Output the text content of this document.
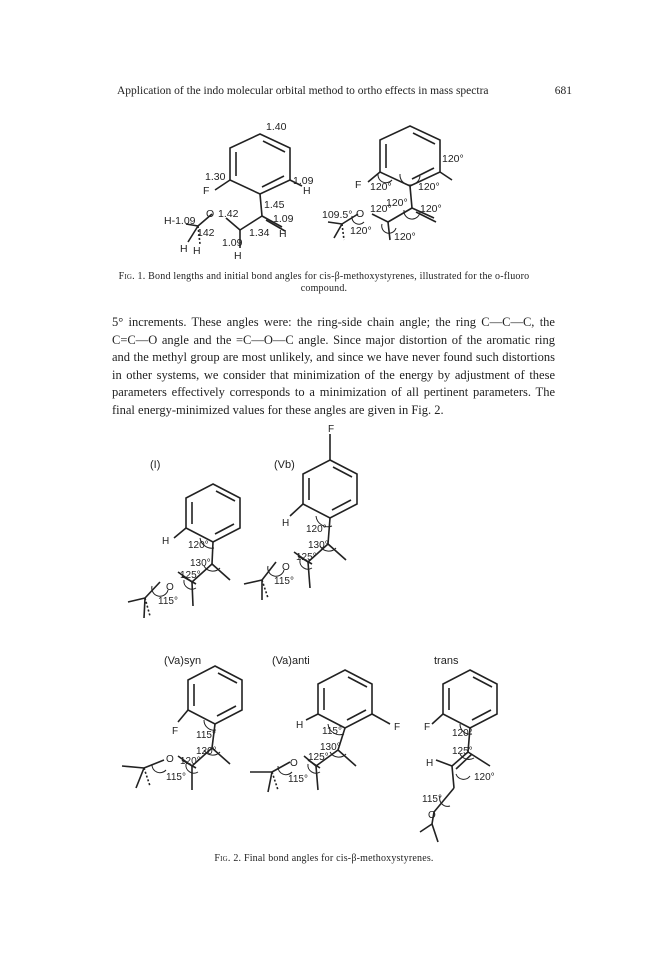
Application of the indo molecular orbital method to ortho effects in mass spectra	681
1.40
1.30
F
1.09
H
1.45
1.42
O
142
1.09
1.34 H
H-1.09
1.09
H
H H
120°
F 120°	120°
120°
109.5° O 120°
120°
120° 120°
Fig. 1. Bond lengths and initial bond angles for cis-β-methoxystyrenes, illustrated for the o-fluoro compound.
5° increments. These angles were: the ring-side chain angle; the ring C—C—C, the C=C—O angle and the =C—O—C angle. Since major distortion of the aromatic ring and the methyl group are most unlikely, and since we have never found such distortions in other systems, we consider that minimization of the energy by adjustment of these parameters effectively corresponds to a minimization of all pertinent parameters. The final energy-minimized values for these angles are given in Fig. 2.
(I)
H 120°
130°
125°
O
115°
F
(Vb)
H
120°
130°
125°
O
115°
(Va)syn
F 115°
120°
120°
O
115°
(Va)anti
H	F
115°
130°
125°
O
115°
trans
F
120°
125°
H
120°
115°
O
Fig. 2. Final bond angles for cis-β-methoxystyrenes.
